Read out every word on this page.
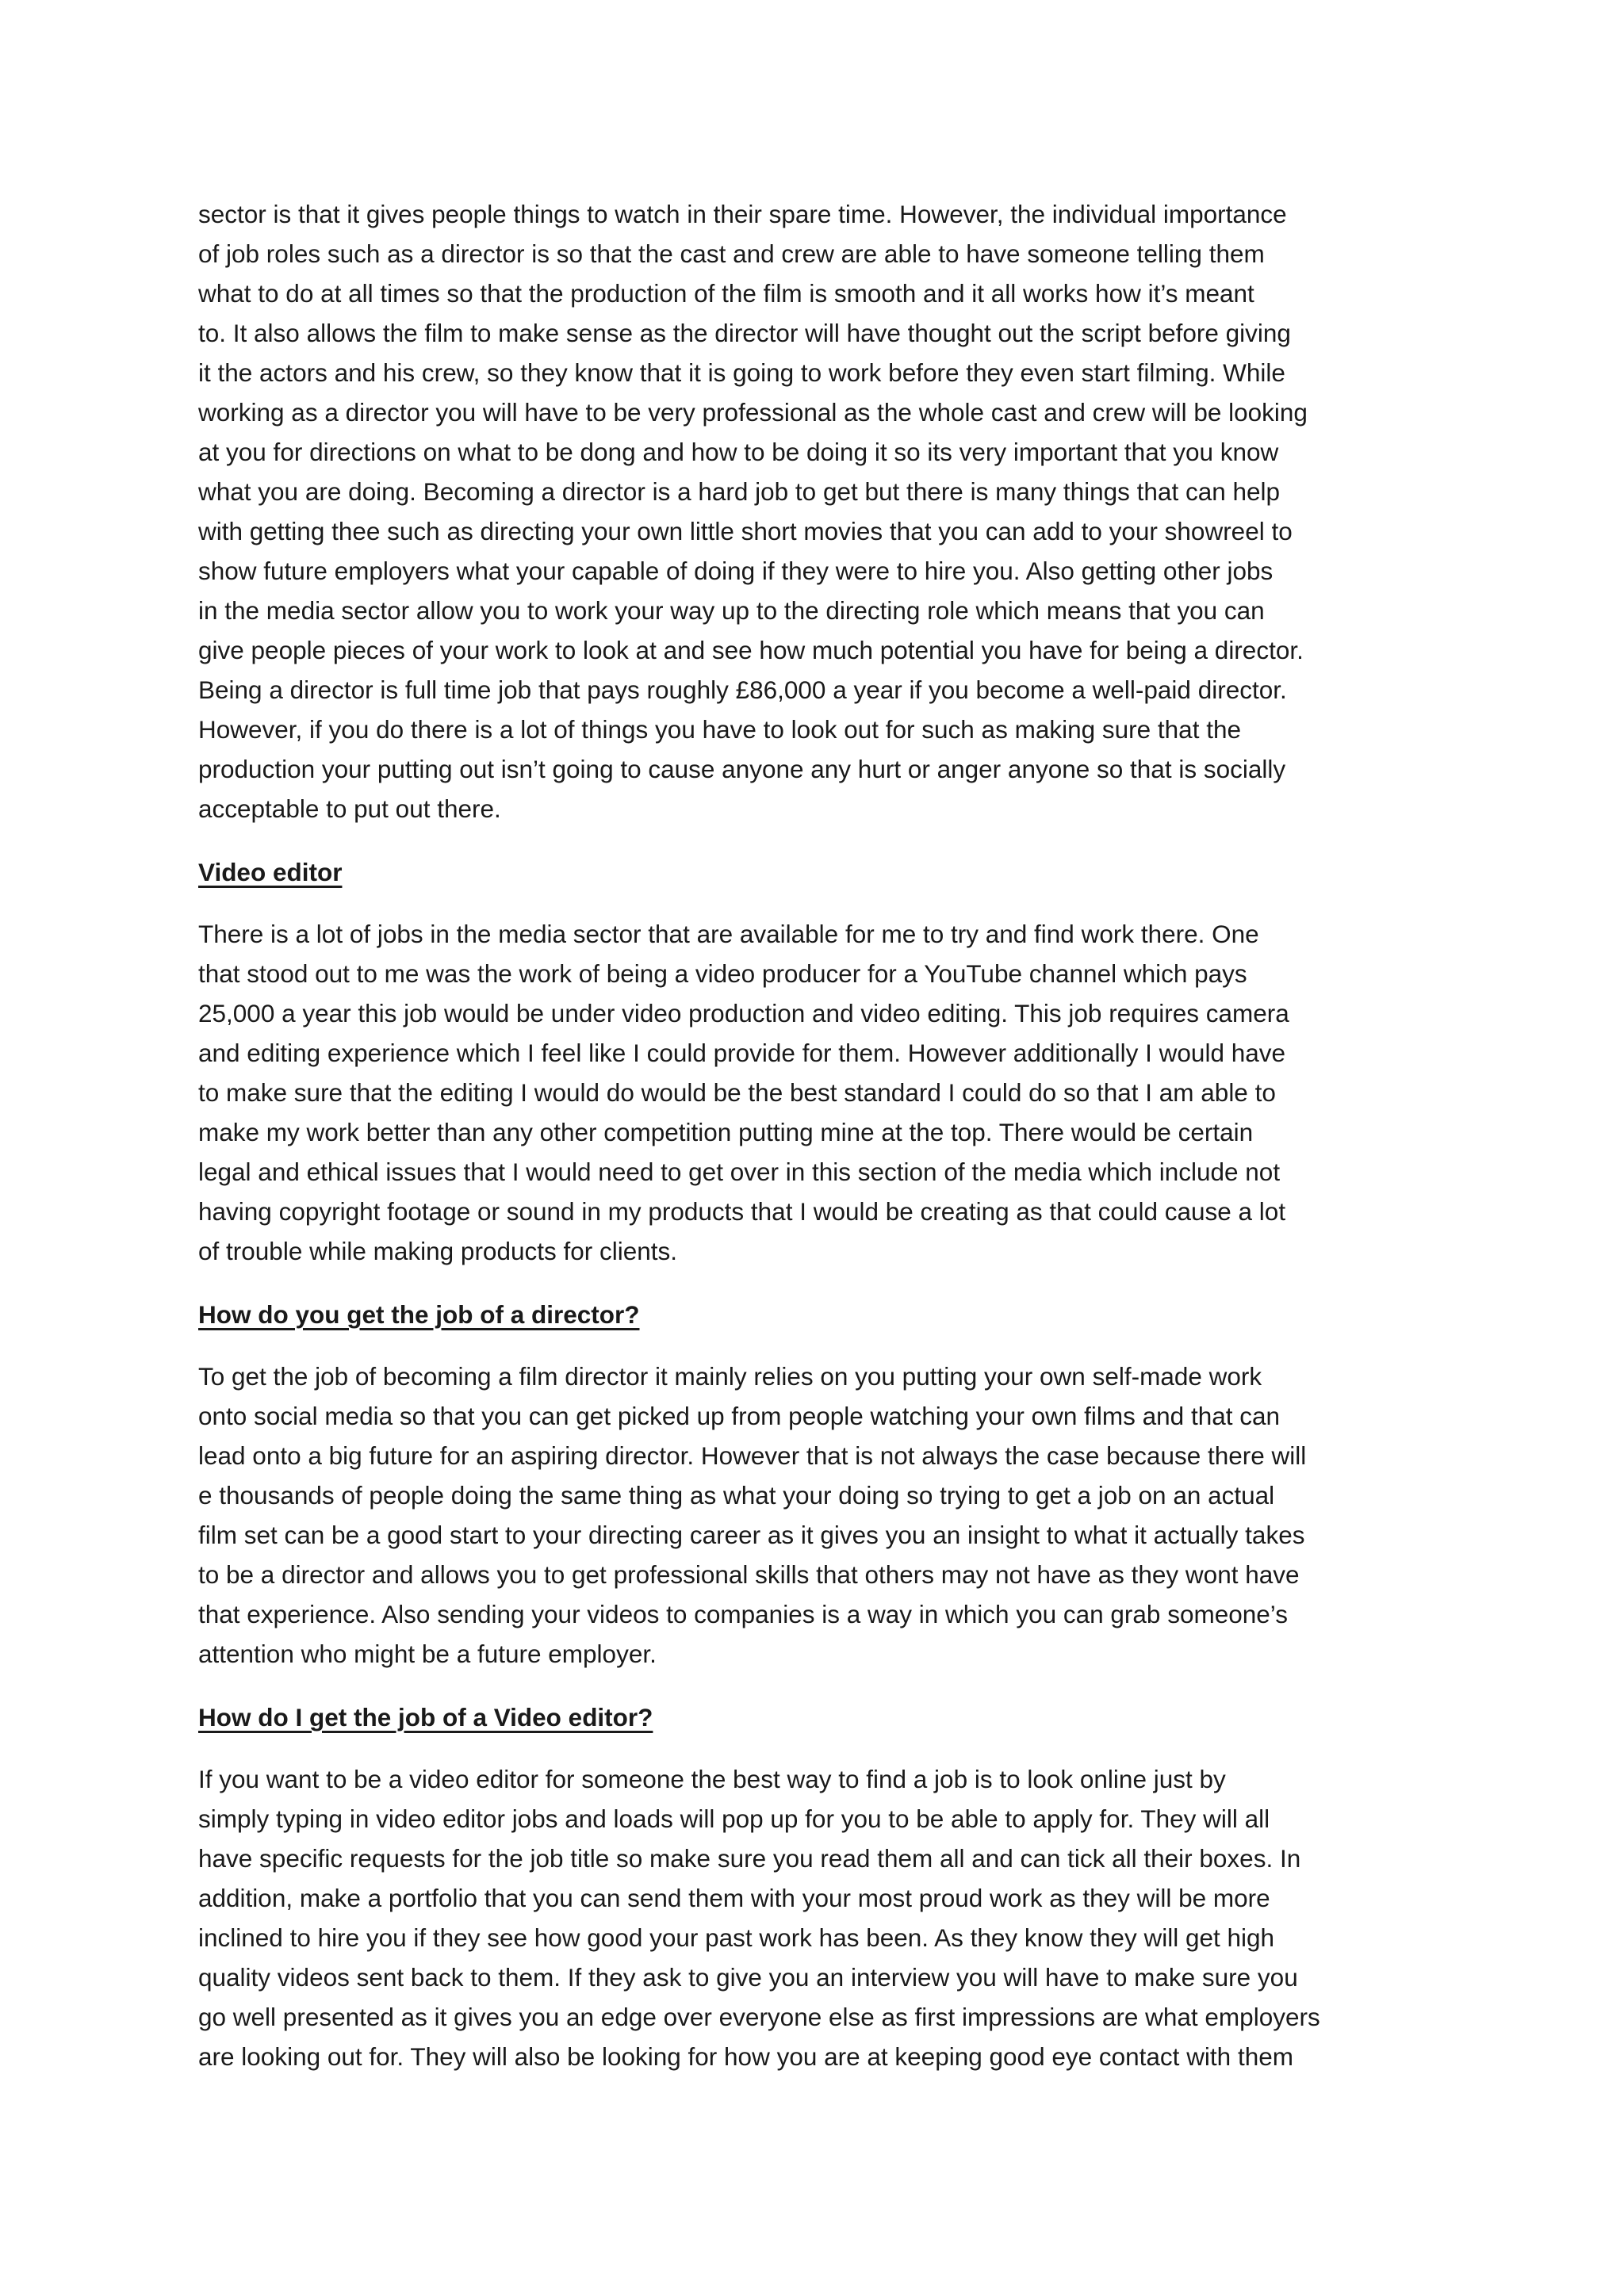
sector is that it gives people things to watch in their spare time. However, the individual importance
of job roles such as a director is so that the cast and crew are able to have someone telling them
what to do at all times so that the production of the film is smooth and it all works how it’s meant
to. It also allows the film to make sense as the director will have thought out the script before giving
it the actors and his crew, so they know that it is going to work before they even start filming. While
working as a director you will have to be very professional as the whole cast and crew will be looking
at you for directions on what to be dong and how to be doing it so its very important that you know
what you are doing. Becoming a director is a hard job to get but there is many things that can help
with getting thee such as directing your own little short movies that you can add to your showreel to
show future employers what your capable of doing if they were to hire you. Also getting other jobs
in the media sector allow you to work your way up to the directing role which means that you can
give people pieces of your work to look at and see how much potential you have for being a director.
Being a director is full time job that pays roughly £86,000 a year if you become a well-paid director.
However, if you do there is a lot of things you have to look out for such as making sure that the
production your putting out isn’t going to cause anyone any hurt or anger anyone so that is socially
acceptable to put out there.

Video editor

There is a lot of jobs in the media sector that are available for me to try and find work there. One
that stood out to me was the work of being a video producer for a YouTube channel which pays
25,000 a year this job would be under video production and video editing. This job requires camera
and editing experience which I feel like I could provide for them. However additionally I would have
to make sure that the editing I would do would be the best standard I could do so that I am able to
make my work better than any other competition putting mine at the top. There would be certain
legal and ethical issues that I would need to get over in this section of the media which include not
having copyright footage or sound in my products that I would be creating as that could cause a lot
of trouble while making products for clients.

How do you get the job of a director?

To get the job of becoming a film director it mainly relies on you putting your own self-made work
onto social media so that you can get picked up from people watching your own films and that can
lead onto a big future for an aspiring director. However that is not always the case because there will
e thousands of people doing the same thing as what your doing so trying to get a job on an actual
film set can be a good start to your directing career as it gives you an insight to what it actually takes
to be a director and allows you to get professional skills that others may not have as they wont have
that experience. Also sending your videos to companies is a way in which you can grab someone’s
attention who might be a future employer.

How do I get the job of a Video editor?

If you want to be a video editor for someone the best way to find a job is to look online just by
simply typing in video editor jobs and loads will pop up for you to be able to apply for. They will all
have specific requests for the job title so make sure you read them all and can tick all their boxes. In
addition, make a portfolio that you can send them with your most proud work as they will be more
inclined to hire you if they see how good your past work has been. As they know they will get high
quality videos sent back to them. If they ask to give you an interview you will have to make sure you
go well presented as it gives you an edge over everyone else as first impressions are what employers
are looking out for. They will also be looking for how you are at keeping good eye contact with them
